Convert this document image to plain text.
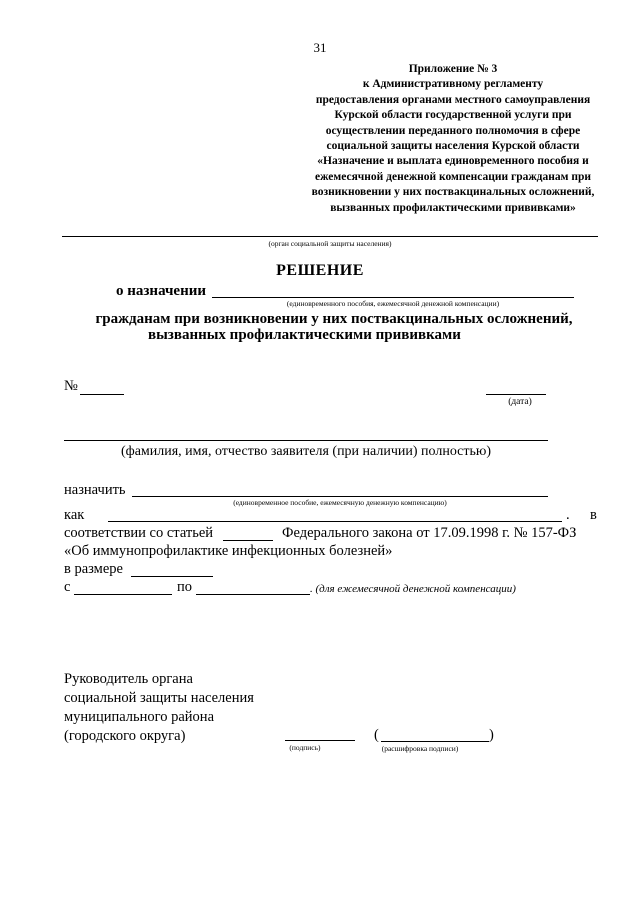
31
Приложение № 3
к Административному регламенту
предоставления органами местного самоуправления
Курской области государственной услуги при
осуществлении переданного полномочия в сфере
социальной защиты населения Курской области
«Назначение и выплата единовременного пособия и
ежемесячной денежной компенсации гражданам при
возникновении у них поствакцинальных осложнений,
вызванных профилактическими прививками»
(орган социальной защиты населения)
РЕШЕНИЕ
о назначении
(единовременного пособия, ежемесячной денежной компенсации)
гражданам при возникновении у них поствакцинальных осложнений,
вызванных профилактическими прививками
№
(дата)
(фамилия, имя, отчество заявителя (при наличии) полностью)
назначить
(единовременное пособие, ежемесячную денежную компенсацию)
как	. в
соответствии со статьей	Федерального закона от 17.09.1998 г. № 157-ФЗ
«Об иммунопрофилактике инфекционных болезней»
в размере
с	по	. (для ежемесячной денежной компенсации)
Руководитель органа
социальной защиты населения
муниципального района
(городского округа)
(подпись)
(	)
(расшифровка подписи)
